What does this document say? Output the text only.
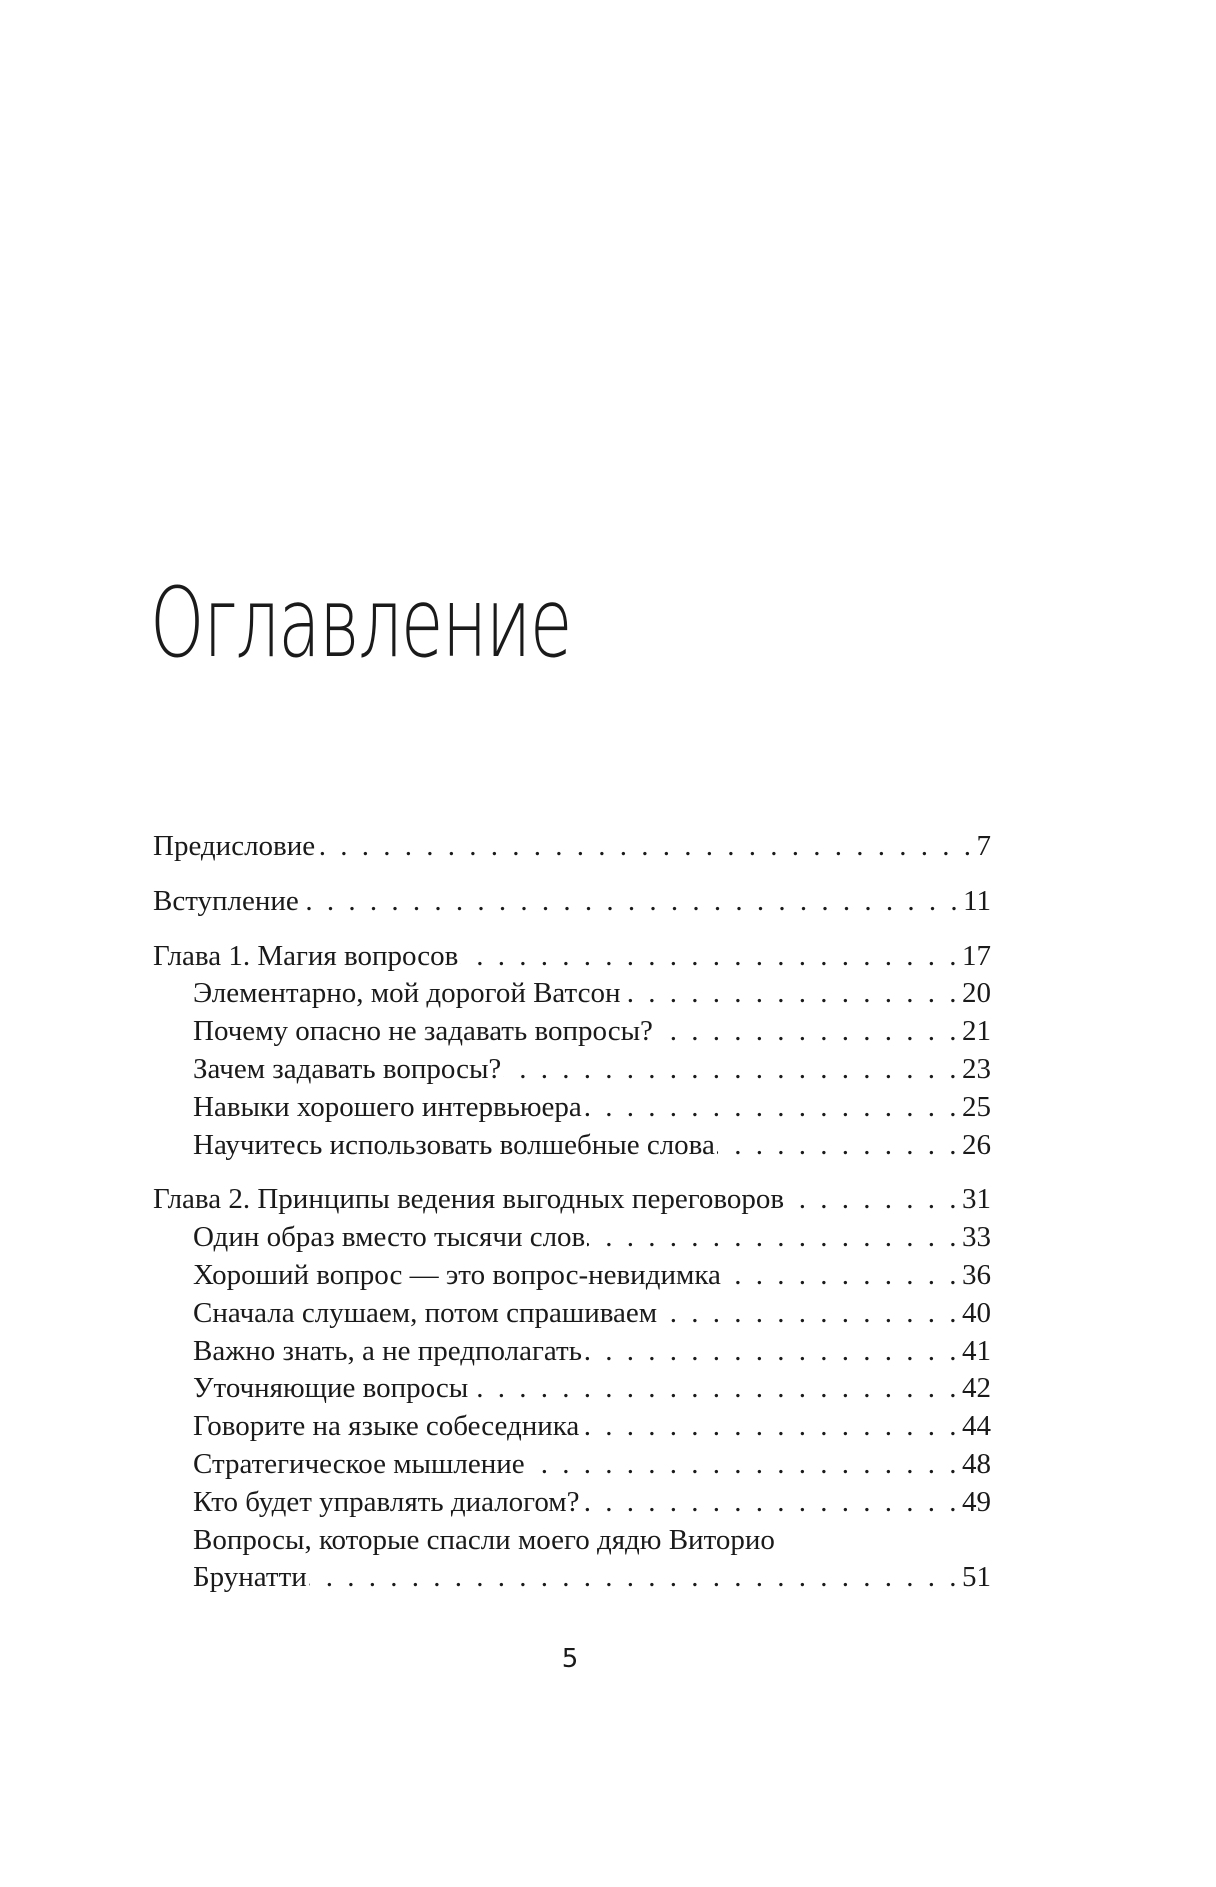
Оглавление
Предисловие . . .	7
Вступление . . .	11
Глава 1. Магия вопросов . . .	17
Элементарно, мой дорогой Ватсон . . .	20
Почему опасно не задавать вопросы? . . .	21
Зачем задавать вопросы? . . .	23
Навыки хорошего интервьюера . . .	25
Научитесь использовать волшебные слова . . .	26
Глава 2. Принципы ведения выгодных переговоров . . .	31
Один образ вместо тысячи слов . . .	33
Хороший вопрос — это вопрос-невидимка . . .	36
Сначала слушаем, потом спрашиваем . . .	40
Важно знать, а не предполагать . . .	41
Уточняющие вопросы . . .	42
Говорите на языке собеседника . . .	44
Стратегическое мышление . . .	48
Кто будет управлять диалогом? . . .	49
Вопросы, которые спасли моего дядю Виторио
Брунатти . . .	51

5
